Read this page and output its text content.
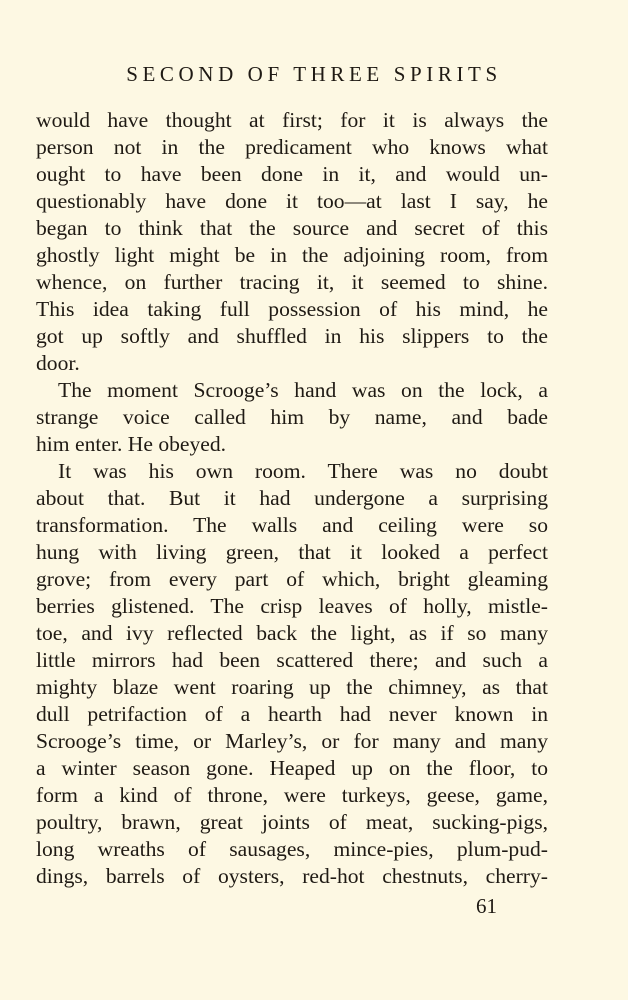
SECOND OF THREE SPIRITS
would have thought at first; for it is always the
person not in the predicament who knows what
ought to have been done in it, and would un-
questionably have done it too—at last I say, he
began to think that the source and secret of this
ghostly light might be in the adjoining room, from
whence, on further tracing it, it seemed to shine.
This idea taking full possession of his mind, he
got up softly and shuffled in his slippers to the
door.
The moment Scrooge’s hand was on the lock, a
strange voice called him by name, and bade
him enter. He obeyed.
It was his own room. There was no doubt
about that. But it had undergone a surprising
transformation. The walls and ceiling were so
hung with living green, that it looked a perfect
grove; from every part of which, bright gleaming
berries glistened. The crisp leaves of holly, mistle-
toe, and ivy reflected back the light, as if so many
little mirrors had been scattered there; and such a
mighty blaze went roaring up the chimney, as that
dull petrifaction of a hearth had never known in
Scrooge’s time, or Marley’s, or for many and many
a winter season gone. Heaped up on the floor, to
form a kind of throne, were turkeys, geese, game,
poultry, brawn, great joints of meat, sucking-pigs,
long wreaths of sausages, mince-pies, plum-pud-
dings, barrels of oysters, red-hot chestnuts, cherry-
61
